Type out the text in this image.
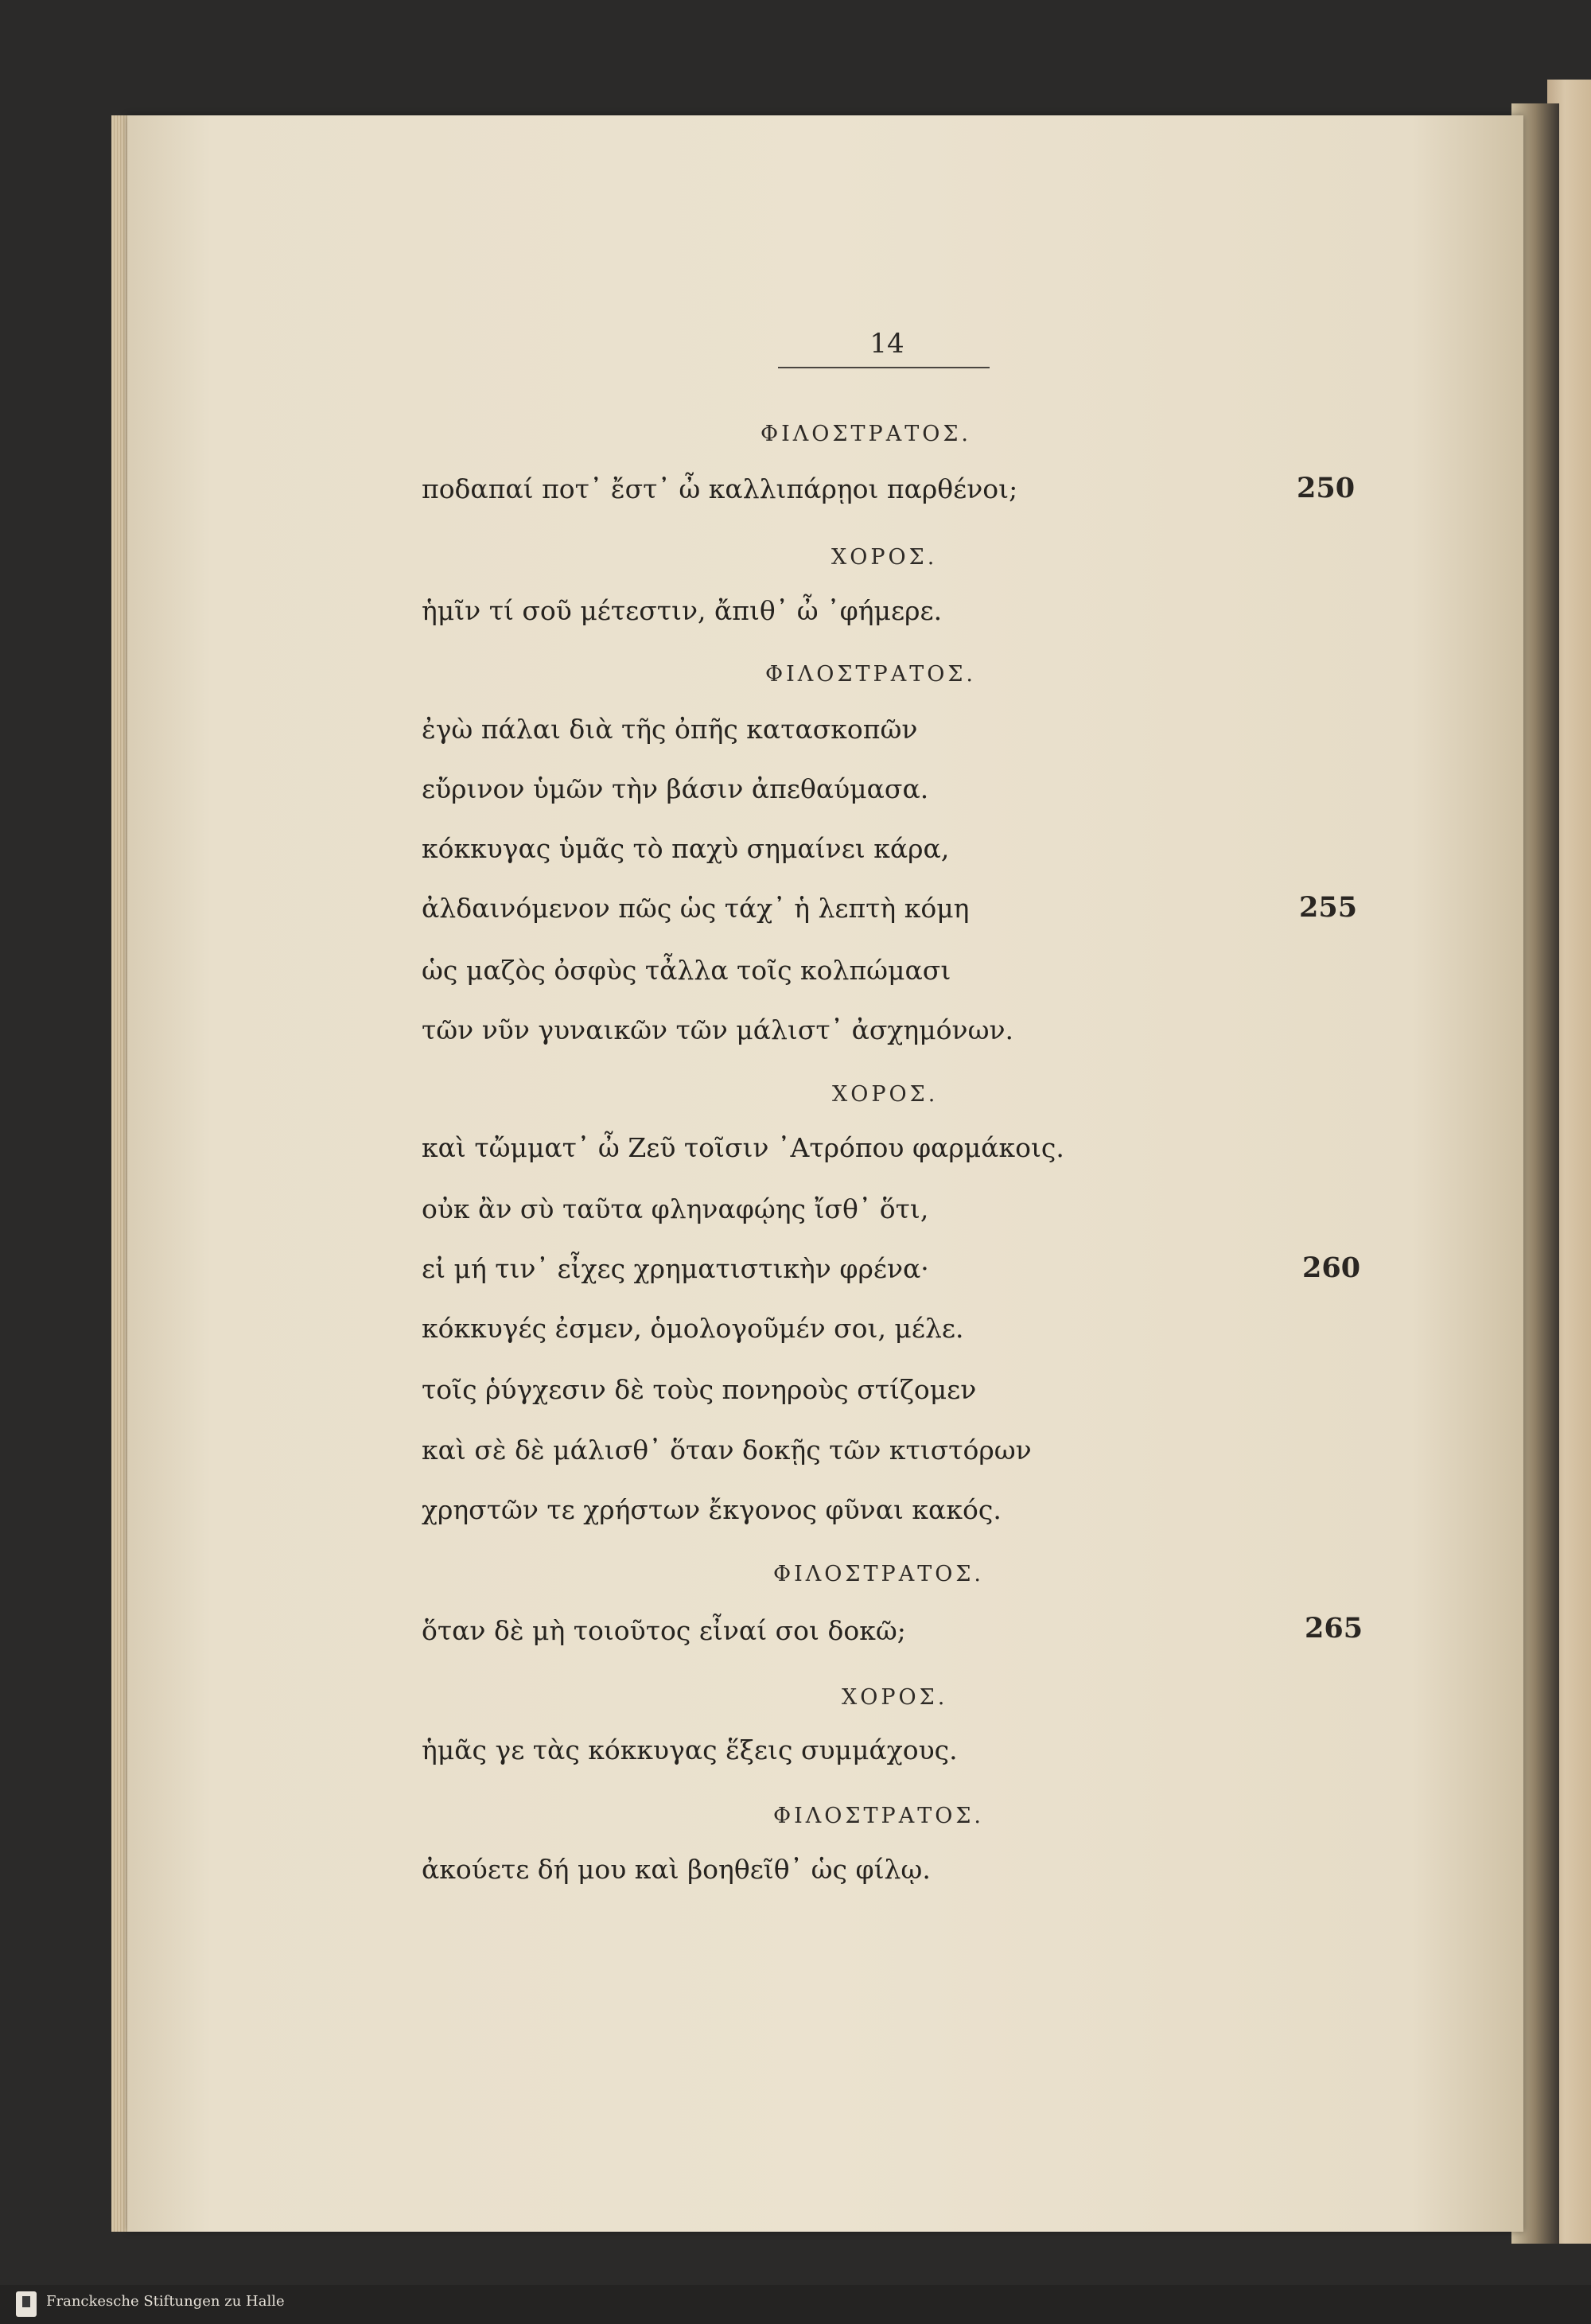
14
ΦΙΛΟΣΤΡΑΤΟΣ.
ΧΟΡΟΣ.
ΦΙΛΟΣΤΡΑΤΟΣ.
ΧΟΡΟΣ.
ΦΙΛΟΣΤΡΑΤΟΣ.
ΧΟΡΟΣ.
ΦΙΛΟΣΤΡΑΤΟΣ.
ποδαπαί ποτ᾽ ἔστ᾽ ὦ καλλιπάρῃοι παρθένοι;
ἡμῖν τί σοῦ μέτεστιν, ἄπιθ᾽ ὦ ᾽φήμερε.
ἐγὼ πάλαι διὰ τῆς ὀπῆς κατασκοπῶν
εὔρινον ὑμῶν τὴν βάσιν ἀπεθαύμασα.
κόκκυγας ὑμᾶς τὸ παχὺ σημαίνει κάρα,
ἀλδαινόμενον πῶς ὡς τάχ᾽ ἡ λεπτὴ κόμη
ὡς μαζὸς ὀσφὺς τἆλλα τοῖς κολπώμασι
τῶν νῦν γυναικῶν τῶν μάλιστ᾽ ἀσχημόνων.
καὶ τὤμματ᾽ ὦ Ζεῦ τοῖσιν ᾽Ατρόπου φαρμάκοις.
οὐκ ἂν σὺ ταῦτα φληναφῴης ἴσθ᾽ ὅτι,
εἰ μή τιν᾽ εἶχες χρηματιστικὴν φρένα·
κόκκυγές ἐσμεν, ὁμολογοῦμέν σοι, μέλε.
τοῖς ῥύγχεσιν δὲ τοὺς πονηροὺς στίζομεν
καὶ σὲ δὲ μάλισθ᾽ ὅταν δοκῇς τῶν κτιστόρων
χρηστῶν τε χρήστων ἔκγονος φῦναι κακός.
ὅταν δὲ μὴ τοιοῦτος εἶναί σοι δοκῶ;
ἡμᾶς γε τὰς κόκκυγας ἕξεις συμμάχους.
ἀκούετε δή μου καὶ βοηθεῖθ᾽ ὡς φίλῳ.
250
255
260
265
Franckesche Stiftungen zu Halle
